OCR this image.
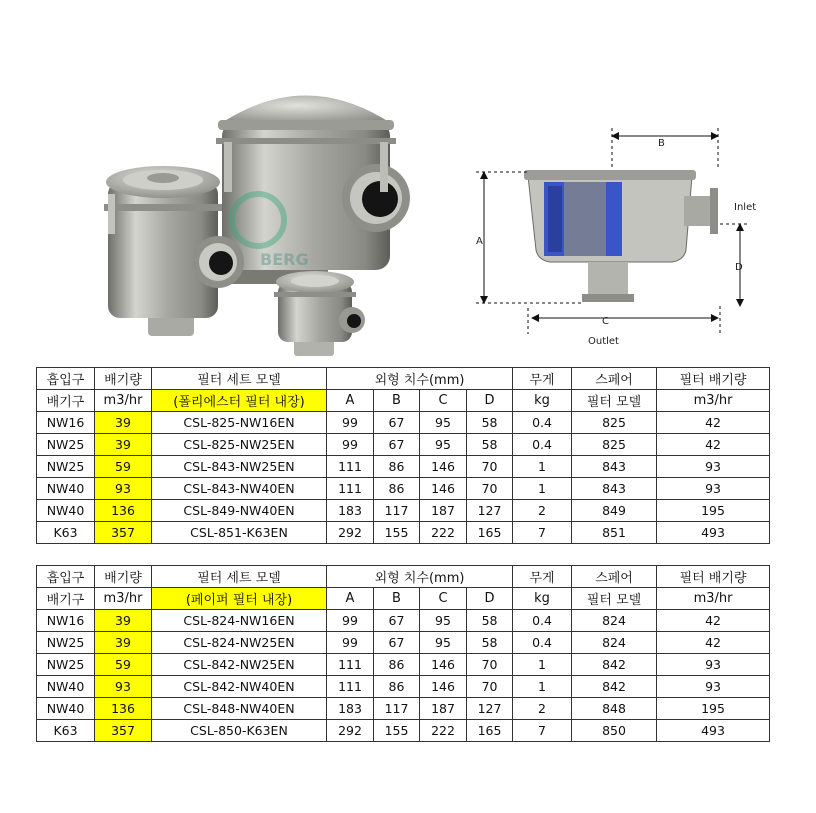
BERG
A
B
D
Inlet
C
Outlet
흡입구	배기량	필터 세트 모델	외형 치수(mm)				무게	스페어	필터 배기량
배기구	m3/hr	(폴리에스터 필터 내장)	A	B	C	D	kg	필터 모델	m3/hr
NW16	39	CSL-825-NW16EN	99	67	95	58	0.4	825	42
NW25	39	CSL-825-NW25EN	99	67	95	58	0.4	825	42
NW25	59	CSL-843-NW25EN	111	86	146	70	1	843	93
NW40	93	CSL-843-NW40EN	111	86	146	70	1	843	93
NW40	136	CSL-849-NW40EN	183	117	187	127	2	849	195
K63	357	CSL-851-K63EN	292	155	222	165	7	851	493
흡입구	배기량	필터 세트 모델	외형 치수(mm)				무게	스페어	필터 배기량
배기구	m3/hr	(페이퍼 필터 내장)	A	B	C	D	kg	필터 모델	m3/hr
NW16	39	CSL-824-NW16EN	99	67	95	58	0.4	824	42
NW25	39	CSL-824-NW25EN	99	67	95	58	0.4	824	42
NW25	59	CSL-842-NW25EN	111	86	146	70	1	842	93
NW40	93	CSL-842-NW40EN	111	86	146	70	1	842	93
NW40	136	CSL-848-NW40EN	183	117	187	127	2	848	195
K63	357	CSL-850-K63EN	292	155	222	165	7	850	493
